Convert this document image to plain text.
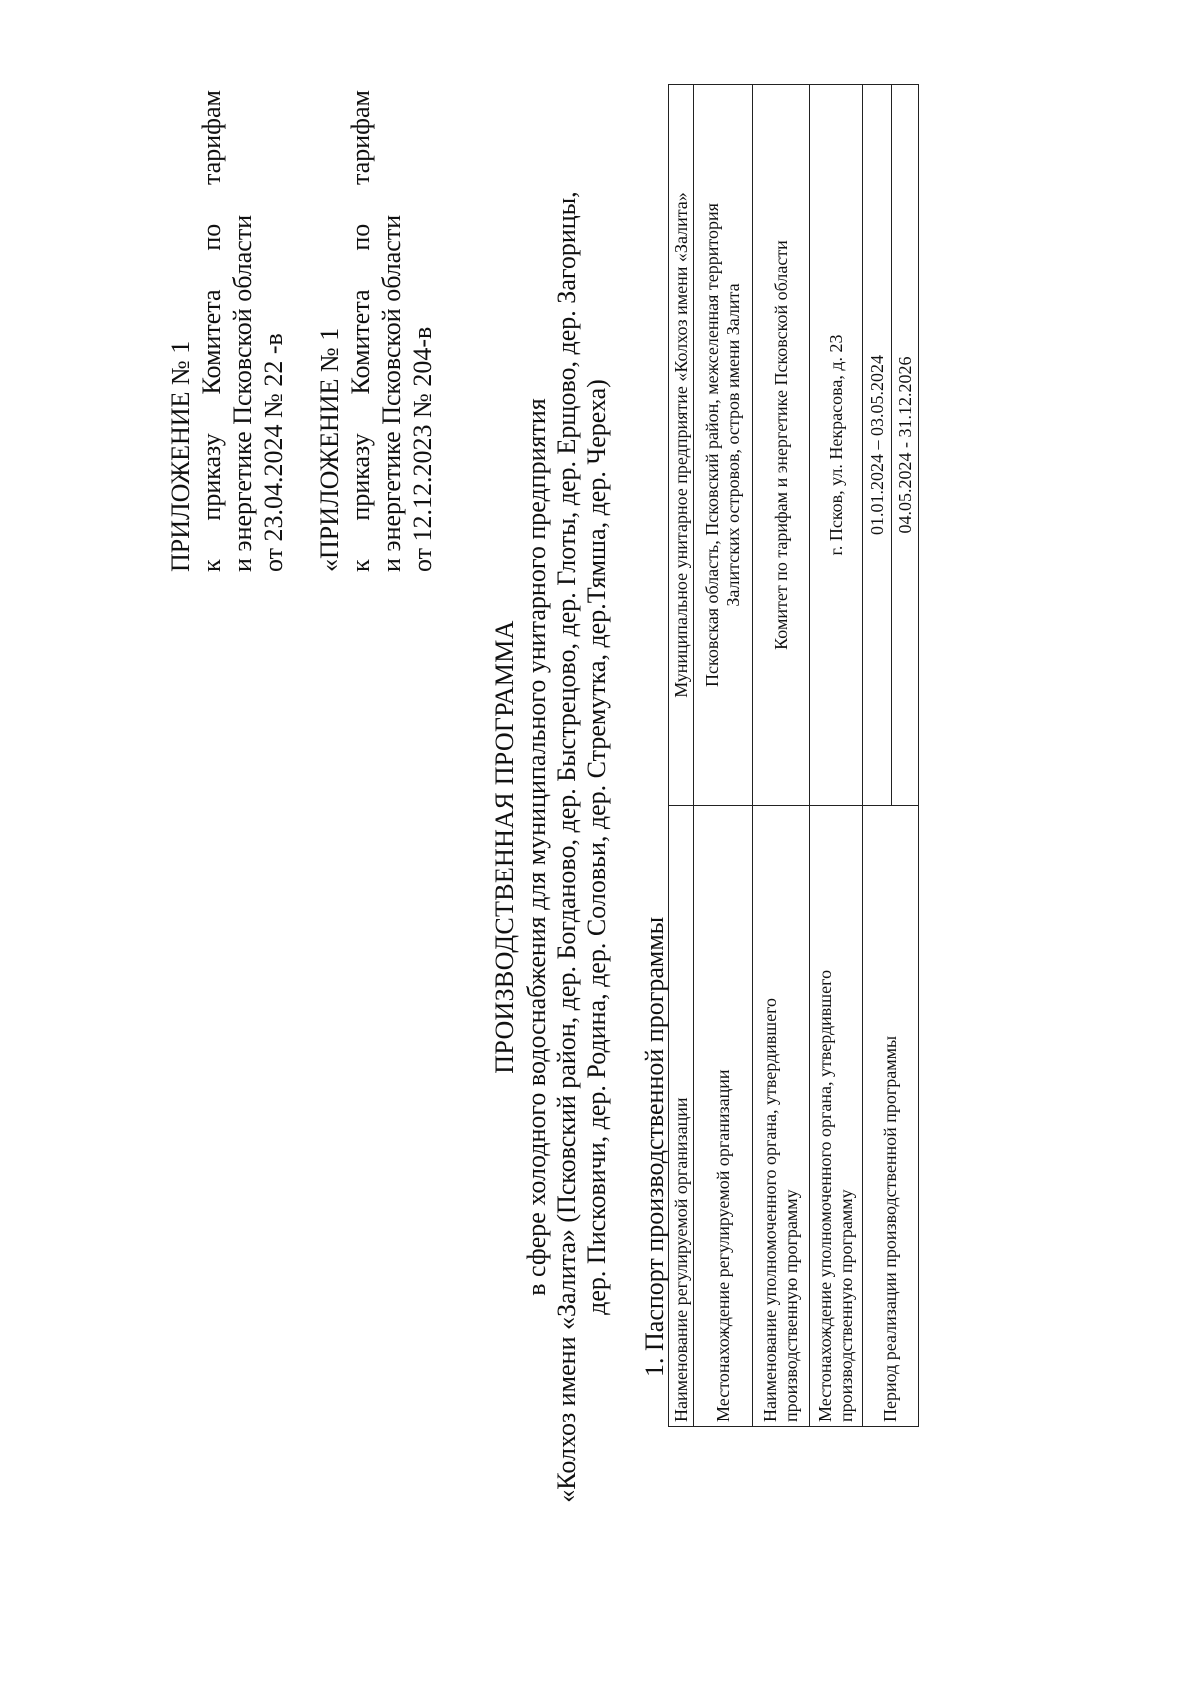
ПРИЛОЖЕНИЕ № 1 к
приказу
Комитета
по
тарифам
и энергетике Псковской области от 23.04.2024 № 22 -в «ПРИЛОЖЕНИЕ № 1 к
приказу
Комитета
по
тарифам
и энергетике Псковской области от 12.12.2023 № 204-в
ПРОИЗВОДСТВЕННАЯ ПРОГРАММА в сфере холодного водоснабжения для муниципального унитарного предприятия «Колхоз имени «Залита» (Псковский район, дер. Богданово, дер. Быстрецово, дер. Глоты, дер. Ерщово, дер. Загорицы, дер. Писковичи, дер. Родина, дер. Соловьи, дер. Стремутка, дер.Тямша, дер. Череха) 1. Паспорт производственной программы Наименование регулируемой организации	Муниципальное унитарное предприятие «Колхоз имени «Залита»
Местонахождение регулируемой организации	Псковская область, Псковский район, межселенная территория Залитских островов, остров имени Залита

Наименование уполномоченного органа, утвердившего производственную программу	Комитет по тарифам и энергетике Псковской области

Местонахождение уполномоченного органа, утвердившего производственную программу	г. Псков, ул. Некрасова, д. 23
Период реализации производственной программы	01.01.2024 – 03.05.2024
	04.05.2024 - 31.12.2026
